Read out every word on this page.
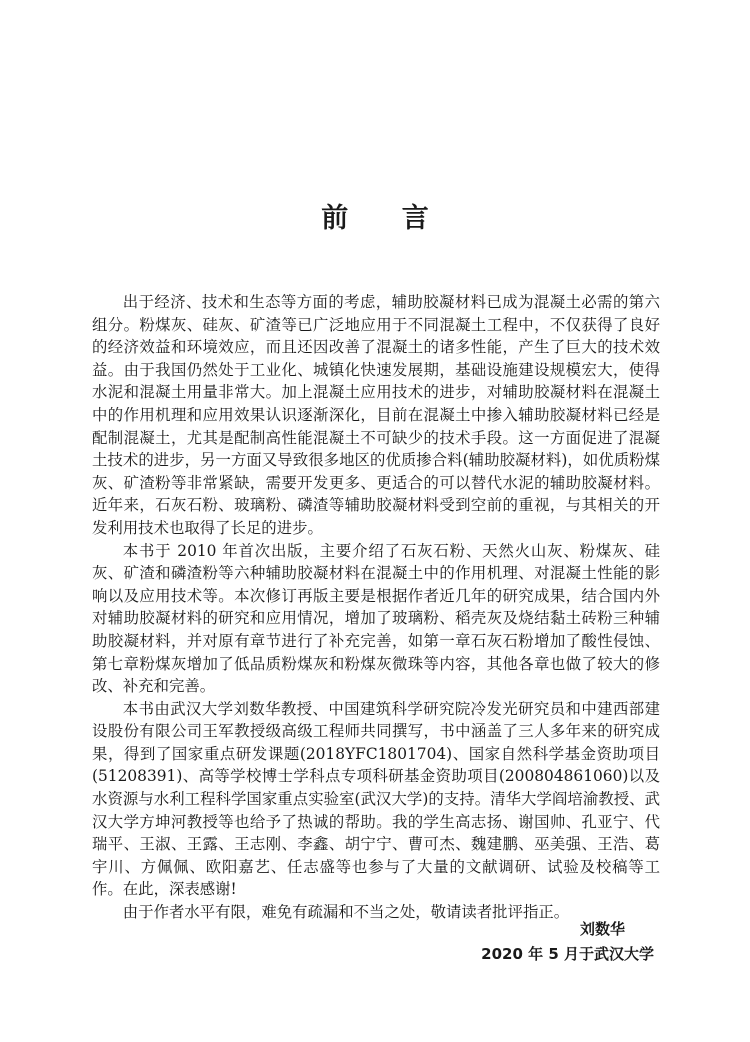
前 言

出于经济、技术和生态等方面的考虑，辅助胶凝材料已成为混凝土必需的第六组分。粉煤灰、硅灰、矿渣等已广泛地应用于不同混凝土工程中，不仅获得了良好的经济效益和环境效应，而且还因改善了混凝土的诸多性能，产生了巨大的技术效益。由于我国仍然处于工业化、城镇化快速发展期，基础设施建设规模宏大，使得水泥和混凝土用量非常大。加上混凝土应用技术的进步，对辅助胶凝材料在混凝土中的作用机理和应用效果认识逐渐深化，目前在混凝土中掺入辅助胶凝材料已经是配制混凝土，尤其是配制高性能混凝土不可缺少的技术手段。这一方面促进了混凝土技术的进步，另一方面又导致很多地区的优质掺合料(辅助胶凝材料)，如优质粉煤灰、矿渣粉等非常紧缺，需要开发更多、更适合的可以替代水泥的辅助胶凝材料。近年来，石灰石粉、玻璃粉、磷渣等辅助胶凝材料受到空前的重视，与其相关的开发利用技术也取得了长足的进步。

本书于 2010 年首次出版，主要介绍了石灰石粉、天然火山灰、粉煤灰、硅灰、矿渣和磷渣粉等六种辅助胶凝材料在混凝土中的作用机理、对混凝土性能的影响以及应用技术等。本次修订再版主要是根据作者近几年的研究成果，结合国内外对辅助胶凝材料的研究和应用情况，增加了玻璃粉、稻壳灰及烧结黏土砖粉三种辅助胶凝材料，并对原有章节进行了补充完善，如第一章石灰石粉增加了酸性侵蚀、第七章粉煤灰增加了低品质粉煤灰和粉煤灰微珠等内容，其他各章也做了较大的修改、补充和完善。

本书由武汉大学刘数华教授、中国建筑科学研究院冷发光研究员和中建西部建设股份有限公司王军教授级高级工程师共同撰写，书中涵盖了三人多年来的研究成果，得到了国家重点研发课题(2018YFC1801704)、国家自然科学基金资助项目(51208391)、高等学校博士学科点专项科研基金资助项目(20080486106​0)以及水资源与水利工程科学国家重点实验室(武汉大学)的支持。清华大学阎培渝教授、武汉大学方坤河教授等也给予了热诚的帮助。我的学生高志扬、谢国帅、孔亚宁、代瑞平、王淑、王露、王志刚、李鑫、胡宁宁、曹可杰、魏建鹏、巫美强、王浩、葛宇川、方佩佩、欧阳嘉艺、任志盛等也参与了大量的文献调研、试验及校稿等工作。在此，深表感谢!

由于作者水平有限，难免有疏漏和不当之处，敬请读者批评指正。

刘数华
2020 年 5 月于武汉大学
